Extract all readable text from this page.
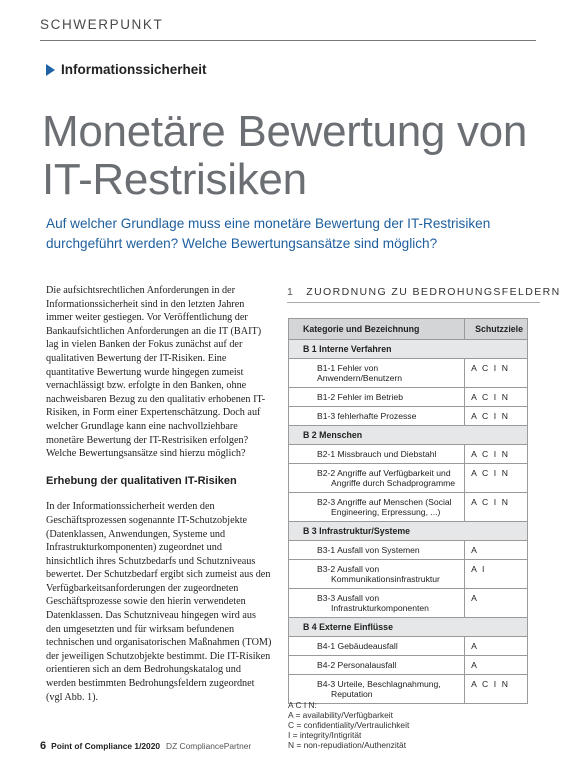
SCHWERPUNKT
Informationssicherheit
Monetäre Bewertung von
IT-Restrisiken

Auf welcher Grundlage muss eine monetäre Bewertung der IT-Restrisiken durchgeführt werden? Welche Bewertungsansätze sind möglich?

Die aufsichtsrechtlichen Anforderungen in der Informationssicherheit sind in den letzten Jahren immer weiter gestiegen. Vor Veröffentlichung der Bankaufsichtlichen Anforderungen an die IT (BAIT) lag in vielen Banken der Fokus zunächst auf der qualitativen Bewertung der IT-Risiken. Eine quantitative Bewertung wurde hingegen zumeist vernachlässigt bzw. erfolgte in den Banken, ohne nachweisbaren Bezug zu den qualitativ erhobenen IT-Risiken, in Form einer Expertenschätzung. Doch auf welcher Grundlage kann eine nachvollziehbare monetäre Bewertung der IT-Restrisiken erfolgen? Welche Bewertungsansätze sind hierzu möglich?

Erhebung der qualitativen IT-Risiken

In der Informationssicherheit werden den Geschäftsprozessen sogenannte IT-Schutzobjekte (Datenklassen, Anwendungen, Systeme und Infrastrukturkomponenten) zugeordnet und hinsichtlich ihres Schutzbedarfs und Schutzniveaus bewertet. Der Schutzbedarf ergibt sich zumeist aus den Verfügbarkeitsanforderungen der zugeordneten Geschäftsprozesse sowie den hierin verwendeten Datenklassen. Das Schutzniveau hingegen wird aus den umgesetzten und für wirksam befundenen technischen und organisatorischen Maßnahmen (TOM) der jeweiligen Schutzobjekte bestimmt. Die IT-Risiken orientieren sich an dem Bedrohungskatalog und werden bestimmten Bedrohungsfeldern zugeordnet (vgl Abb. 1).

1 ZUORDNUNG ZU BEDROHUNGSFELDERN
Kategorie und Bezeichnung	Schutzziele
B 1 Interne Verfahren	
B1-1 Fehler von Anwendern/Benutzern	A C I N
B1-2 Fehler im Betrieb	A C I N
B1-3 fehlerhafte Prozesse	A C I N
B 2 Menschen	
B2-1 Missbrauch und Diebstahl	A C I N
B2-2 Angriffe auf Verfügbarkeit und
Angriffe durch Schadprogramme	A C I N
B2-3 Angriffe auf Menschen (Social
Engineering, Erpressung, ...)	A C I N
B 3 Infrastruktur/Systeme	
B3-1 Ausfall von Systemen	A
B3-2 Ausfall von
Kommunikationsinfrastruktur	A I
B3-3 Ausfall von
Infrastrukturkomponenten	A
B 4 Externe Einflüsse	
B4-1 Gebäudeausfall	A
B4-2 Personalausfall	A
B4-3 Urteile, Beschlagnahmung,
Reputation	A C I N
A C I N:
A = availability/Verfügbarkeit
C = confidentiality/Vertraulichkeit
I = integrity/Intigrität
N = non-repudiation/Authenzität
6 Point of Compliance 1/2020 DZ CompliancePartner
